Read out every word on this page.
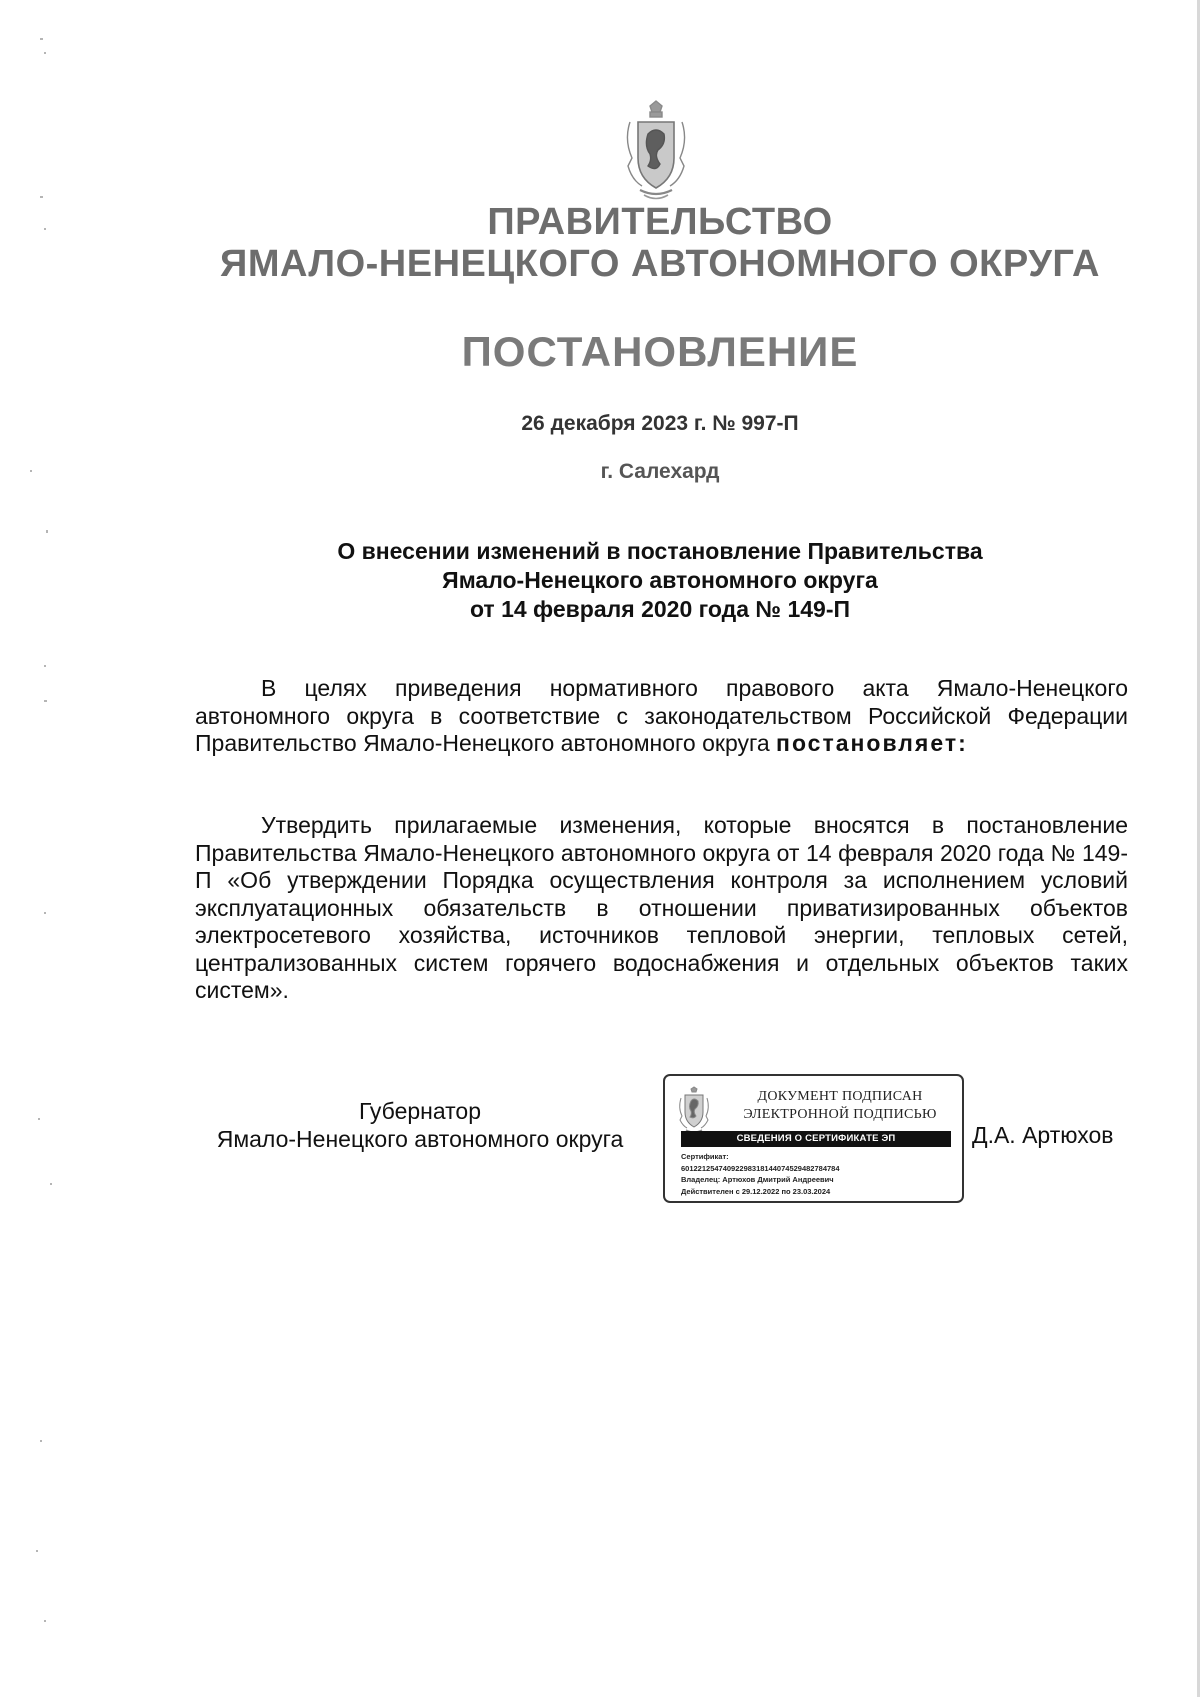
ПРАВИТЕЛЬСТВО
ЯМАЛО-НЕНЕЦКОГО АВТОНОМНОГО ОКРУГА
ПОСТАНОВЛЕНИЕ
26 декабря 2023 г. № 997-П
г. Салехард
О внесении изменений в постановление Правительства
Ямало-Ненецкого автономного округа
от 14 февраля 2020 года № 149-П
В целях приведения нормативного правового акта Ямало-Ненецкого автономного округа в соответствие с законодательством Российской Федерации Правительство Ямало-Ненецкого автономного округа постановляет:
Утвердить прилагаемые изменения, которые вносятся в постановление Правительства Ямало-Ненецкого автономного округа от 14 февраля 2020 года № 149-П «Об утверждении Порядка осуществления контроля за исполнением условий эксплуатационных обязательств в отношении приватизированных объектов электросетевого хозяйства, источников тепловой энергии, тепловых сетей, централизованных систем горячего водоснабжения и отдельных объектов таких систем».
Губернатор
Ямало-Ненецкого автономного округа
ДОКУМЕНТ ПОДПИСАН
ЭЛЕКТРОННОЙ ПОДПИСЬЮ
СВЕДЕНИЯ О СЕРТИФИКАТЕ ЭП
Сертификат:
60122125474092298318144074529482784784
Владелец: Артюхов Дмитрий Андреевич
Действителен с 29.12.2022 по 23.03.2024
Д.А. Артюхов
